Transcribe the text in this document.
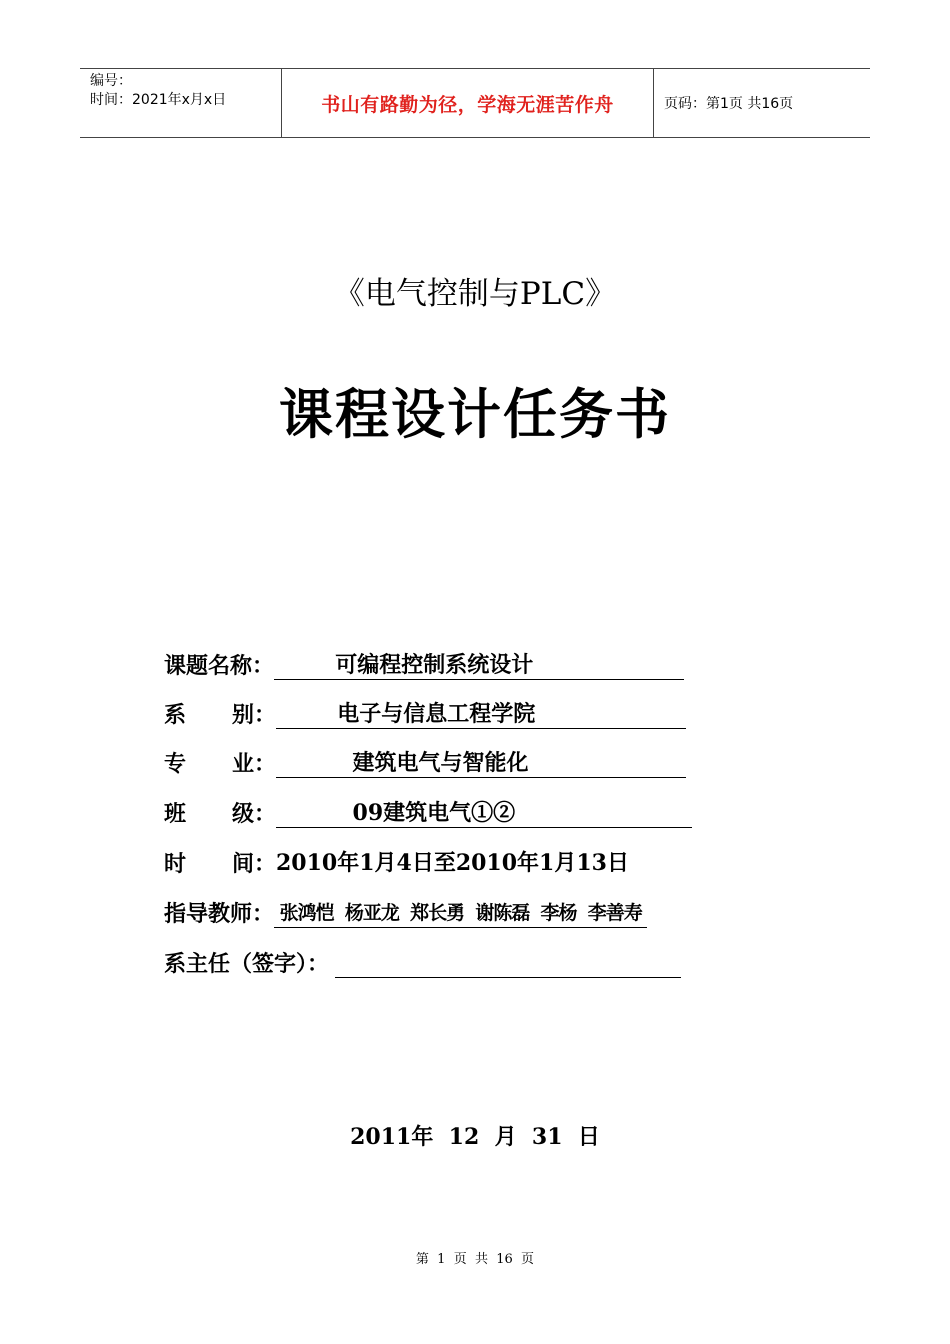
编号：
时间：2021年x月x日	书山有路勤为径，学海无涯苦作舟	页码：第1页 共16页
《电气控制与PLC》
课程设计任务书
课题名称： 可编程控制系统设计
系      别： 电子与信息工程学院
专      业： 建筑电气与智能化
班      级： 09建筑电气①②
时      间： 2010年1月4日至2010年1月13日
指导教师： 张鸿恺  杨亚龙  郑长勇  谢陈磊  李杨  李善寿
系主任（签字）：
2011年  12  月  31  日
第  1  页  共  16  页
